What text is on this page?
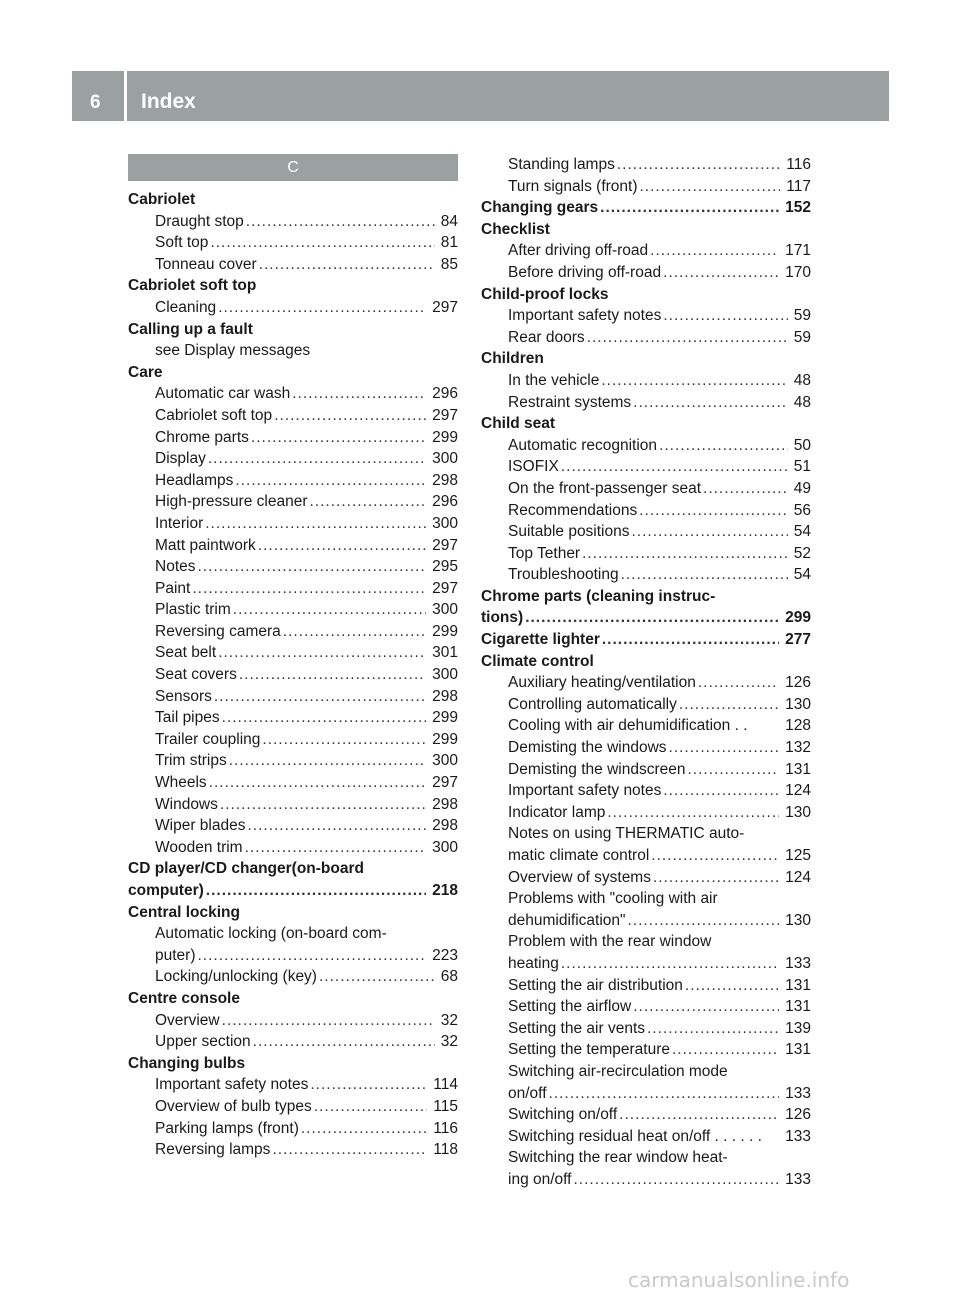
6 Index
C
Cabriolet
Draught stop .....	84
Soft top .....	81
Tonneau cover .....	85
Cabriolet soft top
Cleaning .....	297
Calling up a fault
see Display messages
Care
Automatic car wash .....	296
Cabriolet soft top .....	297
Chrome parts .....	299
Display .....	300
Headlamps .....	298
High-pressure cleaner .....	296
Interior .....	300
Matt paintwork .....	297
Notes .....	295
Paint .....	297
Plastic trim .....	300
Reversing camera .....	299
Seat belt .....	301
Seat covers .....	300
Sensors .....	298
Tail pipes .....	299
Trailer coupling .....	299
Trim strips .....	300
Wheels .....	297
Windows .....	298
Wiper blades .....	298
Wooden trim .....	300
CD player/CD changer(on-board
computer) .....	218
Central locking
Automatic locking (on-board com-
puter) .....	223
Locking/unlocking (key) .....	68
Centre console
Overview .....	32
Upper section .....	32
Changing bulbs
Important safety notes .....	114
Overview of bulb types .....	115
Parking lamps (front) .....	116
Reversing lamps .....	118
Standing lamps .....	116
Turn signals (front) .....	117
Changing gears .....	152
Checklist
After driving off-road .....	171
Before driving off-road .....	170
Child-proof locks
Important safety notes .....	59
Rear doors .....	59
Children
In the vehicle .....	48
Restraint systems .....	48
Child seat
Automatic recognition .....	50
ISOFIX .....	51
On the front-passenger seat .....	49
Recommendations .....	56
Suitable positions .....	54
Top Tether .....	52
Troubleshooting .....	54
Chrome parts (cleaning instruc-
tions) .....	299
Cigarette lighter .....	277
Climate control
Auxiliary heating/ventilation .....	126
Controlling automatically .....	130
Cooling with air dehumidification . . 128
Demisting the windows .....	132
Demisting the windscreen .....	131
Important safety notes .....	124
Indicator lamp .....	130
Notes on using THERMATIC auto-
matic climate control .....	125
Overview of systems .....	124
Problems with "cooling with air
dehumidification" .....	130
Problem with the rear window
heating .....	133
Setting the air distribution .....	131
Setting the airflow .....	131
Setting the air vents .....	139
Setting the temperature .....	131
Switching air-recirculation mode
on/off .....	133
Switching on/off .....	126
Switching residual heat on/off . . . . . . 133
Switching the rear window heat-
ing on/off .....	133
carmanualsonline.info
